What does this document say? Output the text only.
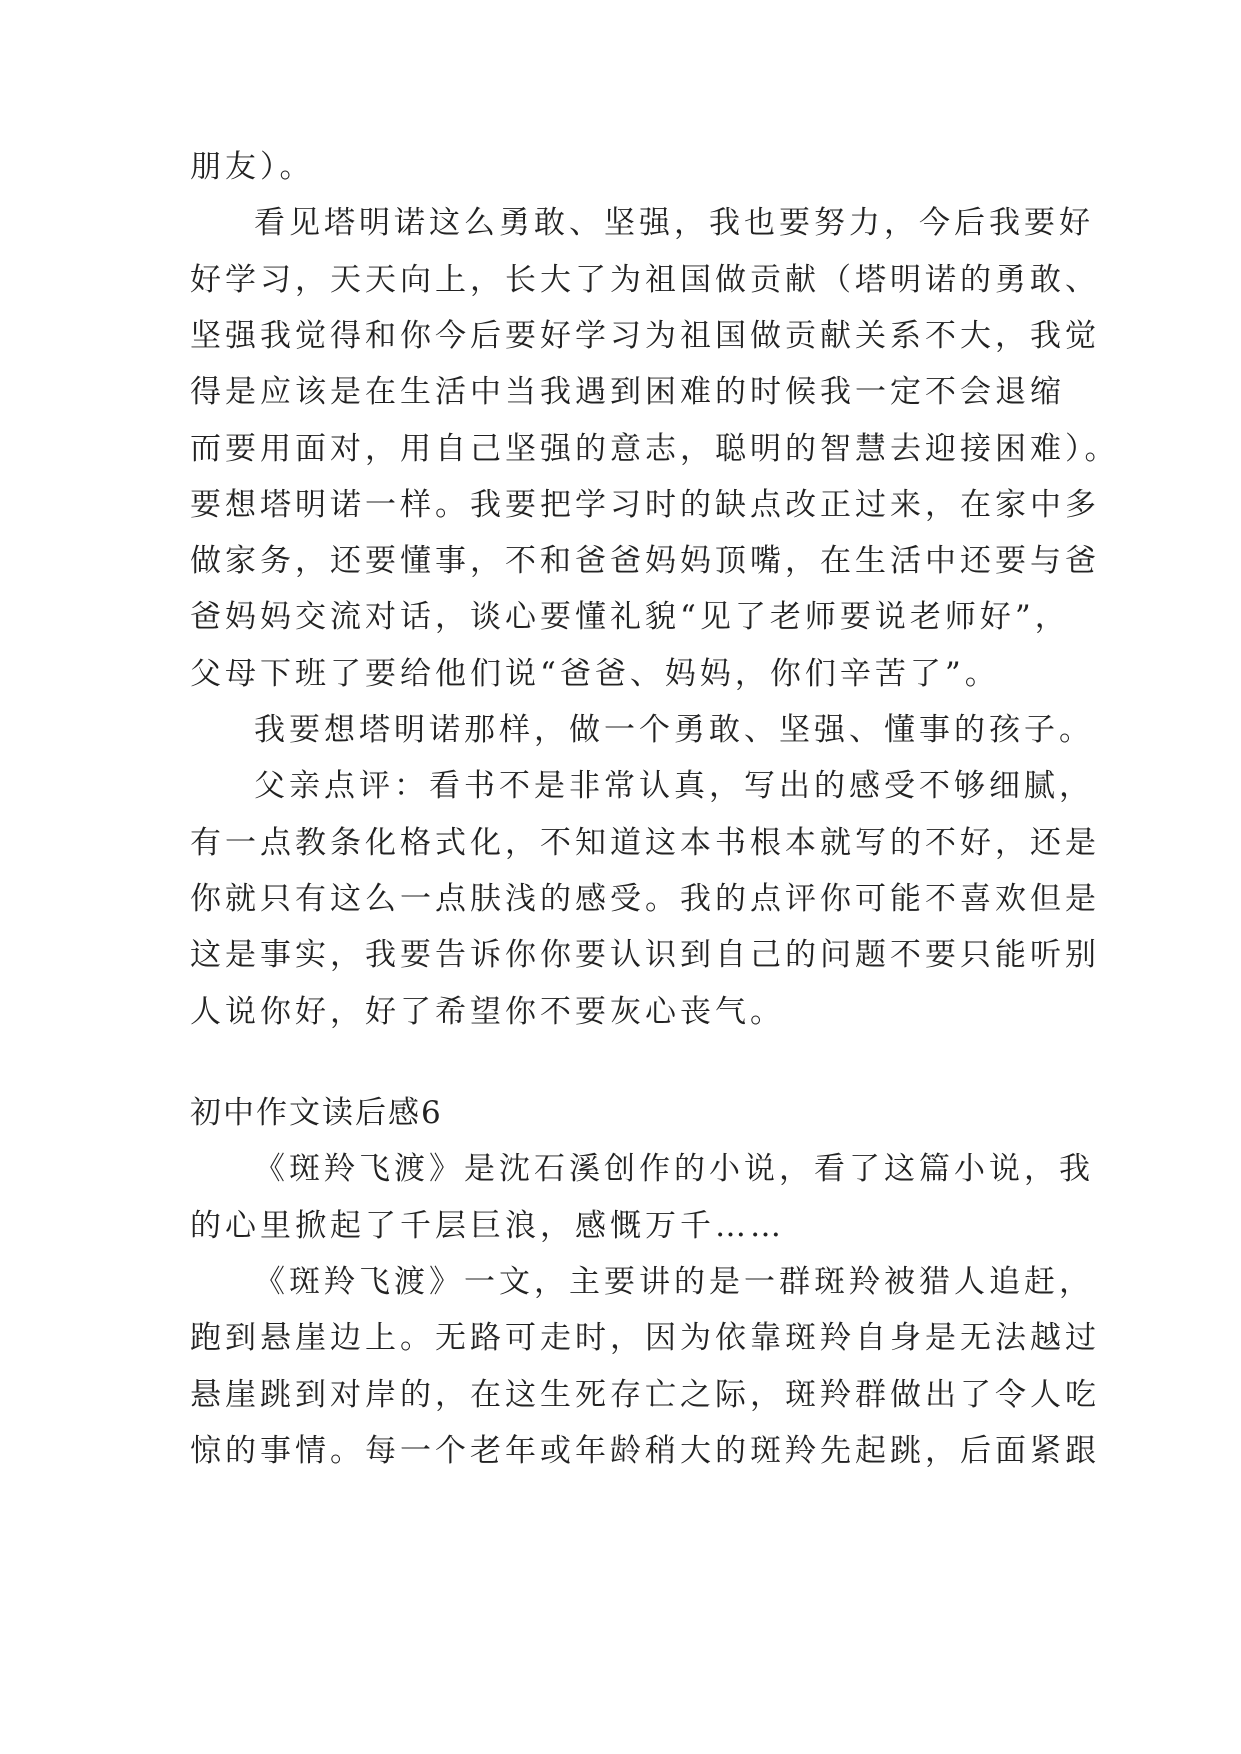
朋友）。
看见塔明诺这么勇敢、坚强，我也要努力，今后我要好
好学习，天天向上，长大了为祖国做贡献（塔明诺的勇敢、
坚强我觉得和你今后要好学习为祖国做贡献关系不大，我觉
得是应该是在生活中当我遇到困难的时候我一定不会退缩
而要用面对，用自己坚强的意志，聪明的智慧去迎接困难）。
要想塔明诺一样。我要把学习时的缺点改正过来，在家中多
做家务，还要懂事，不和爸爸妈妈顶嘴，在生活中还要与爸
爸妈妈交流对话，谈心要懂礼貌“见了老师要说老师好”，
父母下班了要给他们说“爸爸、妈妈，你们辛苦了”。
我要想塔明诺那样，做一个勇敢、坚强、懂事的孩子。
父亲点评：看书不是非常认真，写出的感受不够细腻，
有一点教条化格式化，不知道这本书根本就写的不好，还是
你就只有这么一点肤浅的感受。我的点评你可能不喜欢但是
这是事实，我要告诉你你要认识到自己的问题不要只能听别
人说你好，好了希望你不要灰心丧气。
初中作文读后感6
《斑羚飞渡》是沈石溪创作的小说，看了这篇小说，我
的心里掀起了千层巨浪，感慨万千……
《斑羚飞渡》一文，主要讲的是一群斑羚被猎人追赶，
跑到悬崖边上。无路可走时，因为依靠斑羚自身是无法越过
悬崖跳到对岸的，在这生死存亡之际，斑羚群做出了令人吃
惊的事情。每一个老年或年龄稍大的斑羚先起跳，后面紧跟
